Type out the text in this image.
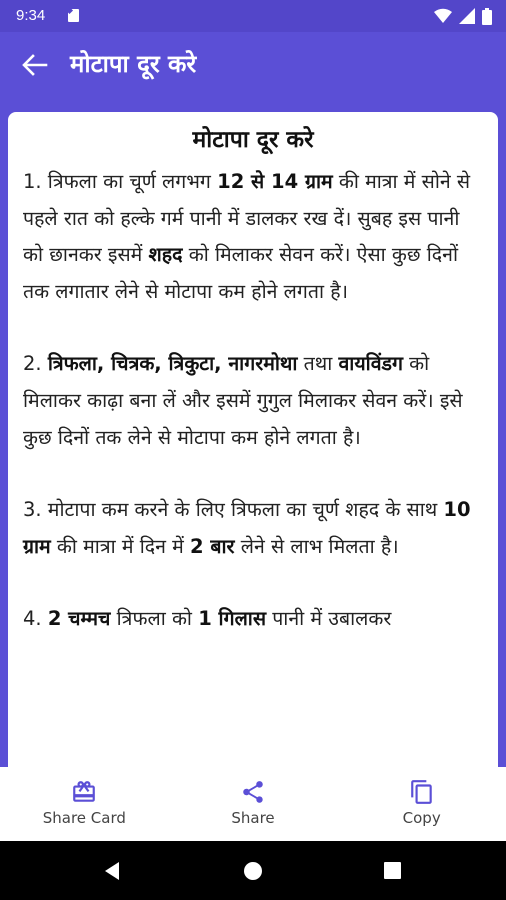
9:34
मोटापा दूर करे
मोटापा दूर करे
1. त्रिफला का चूर्ण लगभग 12 से 14 ग्राम की मात्रा में सोने से पहले रात को हल्के गर्म पानी में डालकर रख दें। सुबह इस पानी को छानकर इसमें शहद को मिलाकर सेवन करें। ऐसा कुछ दिनों तक लगातार लेने से मोटापा कम होने लगता है।
2. त्रिफला, चित्रक, त्रिकुटा, नागरमोथा तथा वायविंडग को मिलाकर काढ़ा बना लें और इसमें गुगुल मिलाकर सेवन करें। इसे कुछ दिनों तक लेने से मोटापा कम होने लगता है।
3. मोटापा कम करने के लिए त्रिफला का चूर्ण शहद के साथ 10 ग्राम की मात्रा में दिन में 2 बार लेने से लाभ मिलता है।
4. 2 चम्मच त्रिफला को 1 गिलास पानी में उबालकर
Share Card	Share	Copy
